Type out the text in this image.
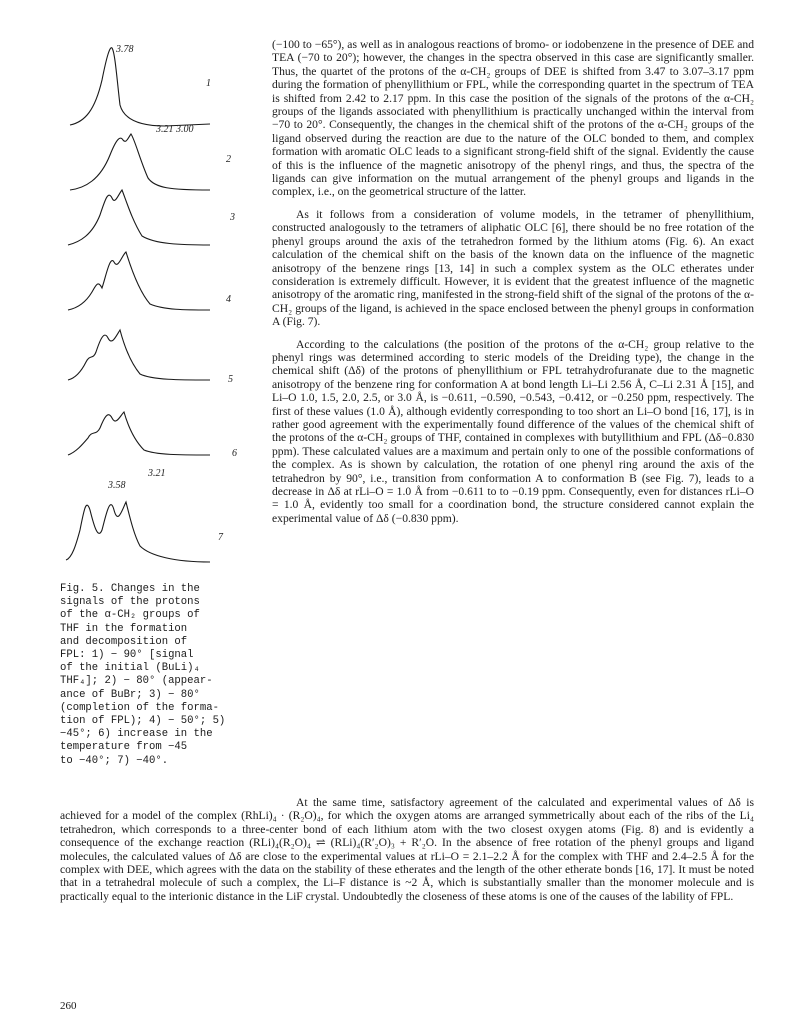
3.78
3.21 3.00
3.58
3.21
1
2
3
4
5
6
7

Fig. 5. Changes in the

signals of the protons

of the α-CH₂ groups of

THF in the formation

and decomposition of

FPL: 1) − 90° [signal

of the initial (BuLi)₄

THF₄]; 2) − 80° (appear-

ance of BuBr; 3) − 80°

(completion of the forma-

tion of FPL); 4) − 50°; 5)

−45°; 6) increase in the

temperature from −45

to −40°; 7) −40°.

(−100 to −65°), as well as in analogous reactions of bromo- or iodobenzene in the presence of DEE and TEA (−70 to 20°); however, the changes in the spectra observed in this case are significantly smaller. Thus, the quartet of the protons of the α-CH₂ groups of DEE is shifted from 3.47 to 3.07–3.17 ppm during the formation of phenyllithium or FPL, while the corresponding quartet in the spectrum of TEA is shifted from 2.42 to 2.17 ppm. In this case the position of the signals of the protons of the α-CH₂ groups of the ligands associated with phenyllithium is practically unchanged within the interval from −70 to 20°. Consequently, the changes in the chemical shift of the protons of the α-CH₂ groups of the ligand observed during the reaction are due to the nature of the OLC bonded to them, and complex formation with aromatic OLC leads to a significant strong-field shift of the signal. Evidently the cause of this is the influence of the magnetic anisotropy of the phenyl rings, and thus, the spectra of the ligands can give information on the mutual arrangement of the phenyl groups and ligands in the complex, i.e., on the geometrical structure of the latter.

As it follows from a consideration of volume models, in the tetramer of phenyllithium, constructed analogously to the tetramers of aliphatic OLC [6], there should be no free rotation of the phenyl groups around the axis of the tetrahedron formed by the lithium atoms (Fig. 6). An exact calculation of the chemical shift on the basis of the known data on the influence of the magnetic anisotropy of the benzene rings [13, 14] in such a complex system as the OLC etherates under consideration is extremely difficult. However, it is evident that the greatest influence of the magnetic anisotropy of the aromatic ring, manifested in the strong-field shift of the signal of the protons of the α-CH₂ groups of the ligand, is achieved in the space enclosed between the phenyl groups in conformation A (Fig. 7).

According to the calculations (the position of the protons of the α-CH₂ group relative to the phenyl rings was determined according to steric models of the Dreiding type), the change in the chemical shift (Δδ) of the protons of phenyllithium or FPL tetrahydrofuranate due to the magnetic anisotropy of the benzene ring for conformation A at bond length Li–Li 2.56 Å, C–Li 2.31 Å [15], and Li–O 1.0, 1.5, 2.0, 2.5, or 3.0 Å, is −0.611, −0.590, −0.543, −0.412, or −0.250 ppm, respectively. The first of these values (1.0 Å), although evidently corresponding to too short an Li–O bond [16, 17], is in rather good agreement with the experimentally found difference of the values of the chemical shift of the protons of the α-CH₂ groups of THF, contained in complexes with butyllithium and FPL (Δδ−0.830 ppm). These calculated values are a maximum and pertain only to one of the possible conformations of the complex. As is shown by calculation, the rotation of one phenyl ring around the axis of the tetrahedron by 90°, i.e., transition from conformation A to conformation B (see Fig. 7), leads to a decrease in Δδ at rLi–O = 1.0 Å from −0.611 to to −0.19 ppm. Consequently, even for distances rLi–O = 1.0 Å, evidently too small for a coordination bond, the structure considered cannot explain the experimental value of Δδ (−0.830 ppm).

At the same time, satisfactory agreement of the calculated and experimental values of Δδ is achieved for a model of the complex (RhLi)₄ · (R₂O)₄, for which the oxygen atoms are arranged symmetrically about each of the ribs of the Li₄ tetrahedron, which corresponds to a three-center bond of each lithium atom with the two closest oxygen atoms (Fig. 8) and is evidently a consequence of the exchange reaction (RLi)₄(R₂O)₄ ⇌ (RLi)₄(R′₂O)₃ + R′₂O. In the absence of free rotation of the phenyl groups and ligand molecules, the calculated values of Δδ are close to the experimental values at rLi–O = 2.1–2.2 Å for the complex with THF and 2.4–2.5 Å for the complex with DEE, which agrees with the data on the stability of these etherates and the length of the other etherate bonds [16, 17]. It must be noted that in a tetrahedral molecule of such a complex, the Li–F distance is ~2 Å, which is substantially smaller than the monomer molecule and is practically equal to the interionic distance in the LiF crystal. Undoubtedly the closeness of these atoms is one of the causes of the lability of FPL.

260
